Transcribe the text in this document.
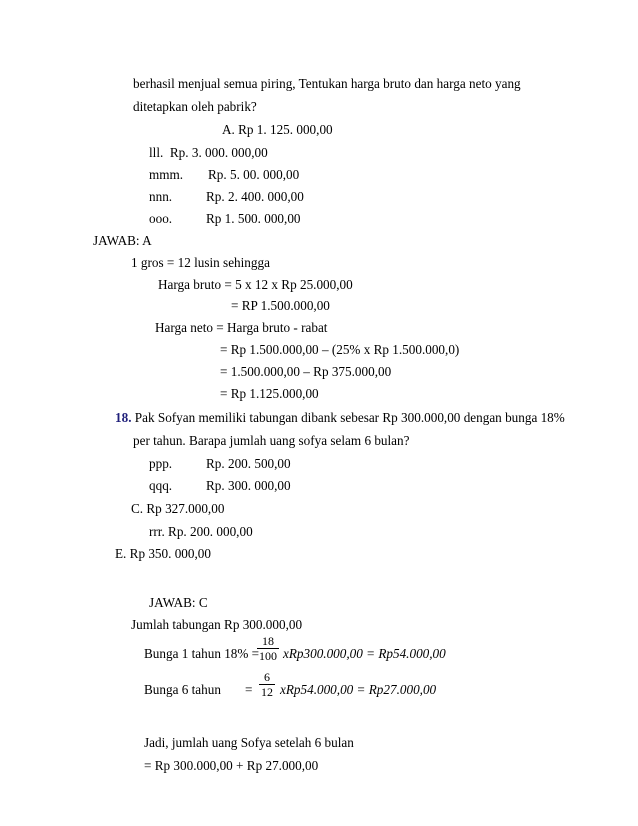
berhasil menjual semua piring, Tentukan harga bruto dan harga neto yang
ditetapkan oleh pabrik?
A. Rp 1. 125. 000,00
lll. Rp. 3. 000. 000,00
mmm. Rp. 5. 00. 000,00
nnn.	Rp. 2. 400. 000,00
ooo.	Rp 1. 500. 000,00
JAWAB: A
1 gros = 12 lusin sehingga
Harga bruto = 5 x 12 x Rp 25.000,00
= RP 1.500.000,00
Harga neto = Harga bruto - rabat
= Rp 1.500.000,00 – (25% x Rp 1.500.000,0)
= 1.500.000,00 – Rp 375.000,00
= Rp 1.125.000,00
18. Pak Sofyan memiliki tabungan dibank sebesar Rp 300.000,00 dengan bunga 18%
per tahun. Barapa jumlah uang sofya selam 6 bulan?
ppp.	Rp. 200. 500,00
qqq.	Rp. 300. 000,00
C. Rp 327.000,00
rrr. Rp. 200. 000,00
E. Rp 350. 000,00
JAWAB: C
Jumlah tabungan Rp 300.000,00
Bunga 1 tahun 18% =
$\frac{18}{100} xRp300.000,00 = Rp54.000,00$
Bunga 6 tahun = $\frac{6}{12} xRp54.000,00 = Rp27.000,00$
Jadi, jumlah uang Sofya setelah 6 bulan
= Rp 300.000,00 + Rp 27.000,00
